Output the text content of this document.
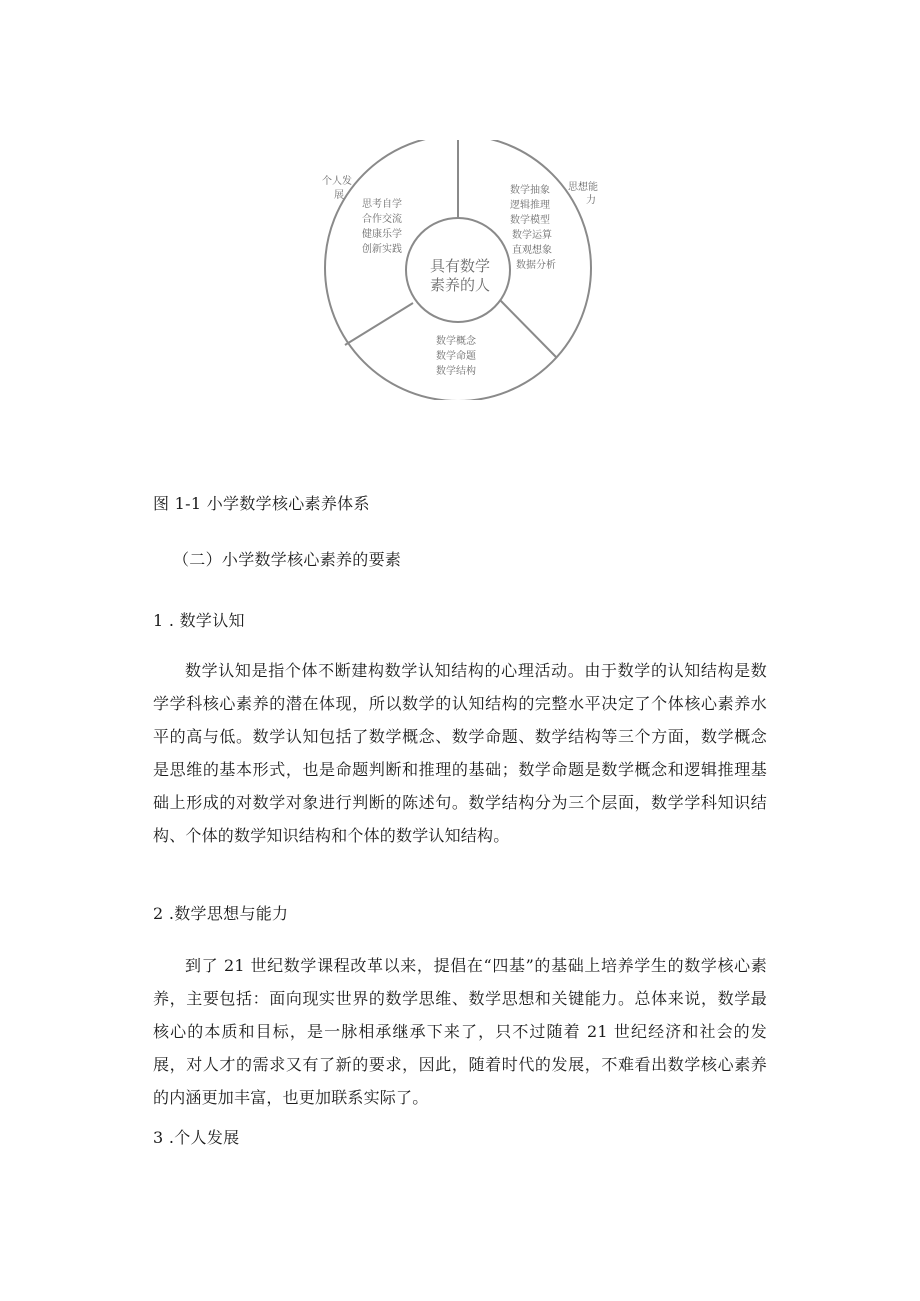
具有数学
素养的人
个人发
展
思想能
力
思考自学
合作交流
健康乐学
创新实践
数学抽象
逻辑推理
数学模型
数学运算
直观想象
数据分析
数学概念
数学命题
数学结构
图 1-1 小学数学核心素养体系
（二）小学数学核心素养的要素
1 . 数学认知
数学认知是指个体不断建构数学认知结构的心理活动。由于数学的认知结构是数学学科核心素养的潜在体现，所以数学的认知结构的完整水平决定了个体核心素养水平的高与低。数学认知包括了数学概念、数学命题、数学结构等三个方面，数学概念是思维的基本形式，也是命题判断和推理的基础；数学命题是数学概念和逻辑推理基础上形成的对数学对象进行判断的陈述句。数学结构分为三个层面，数学学科知识结构、个体的数学知识结构和个体的数学认知结构。
2 .数学思想与能力
到了 21 世纪数学课程改革以来，提倡在“四基”的基础上培养学生的数学核心素养，主要包括：面向现实世界的数学思维、数学思想和关键能力。总体来说，数学最核心的本质和目标，是一脉相承继承下来了，只不过随着 21 世纪经济和社会的发展，对人才的需求又有了新的要求，因此，随着时代的发展，不难看出数学核心素养的内涵更加丰富，也更加联系实际了。
3 .个人发展
